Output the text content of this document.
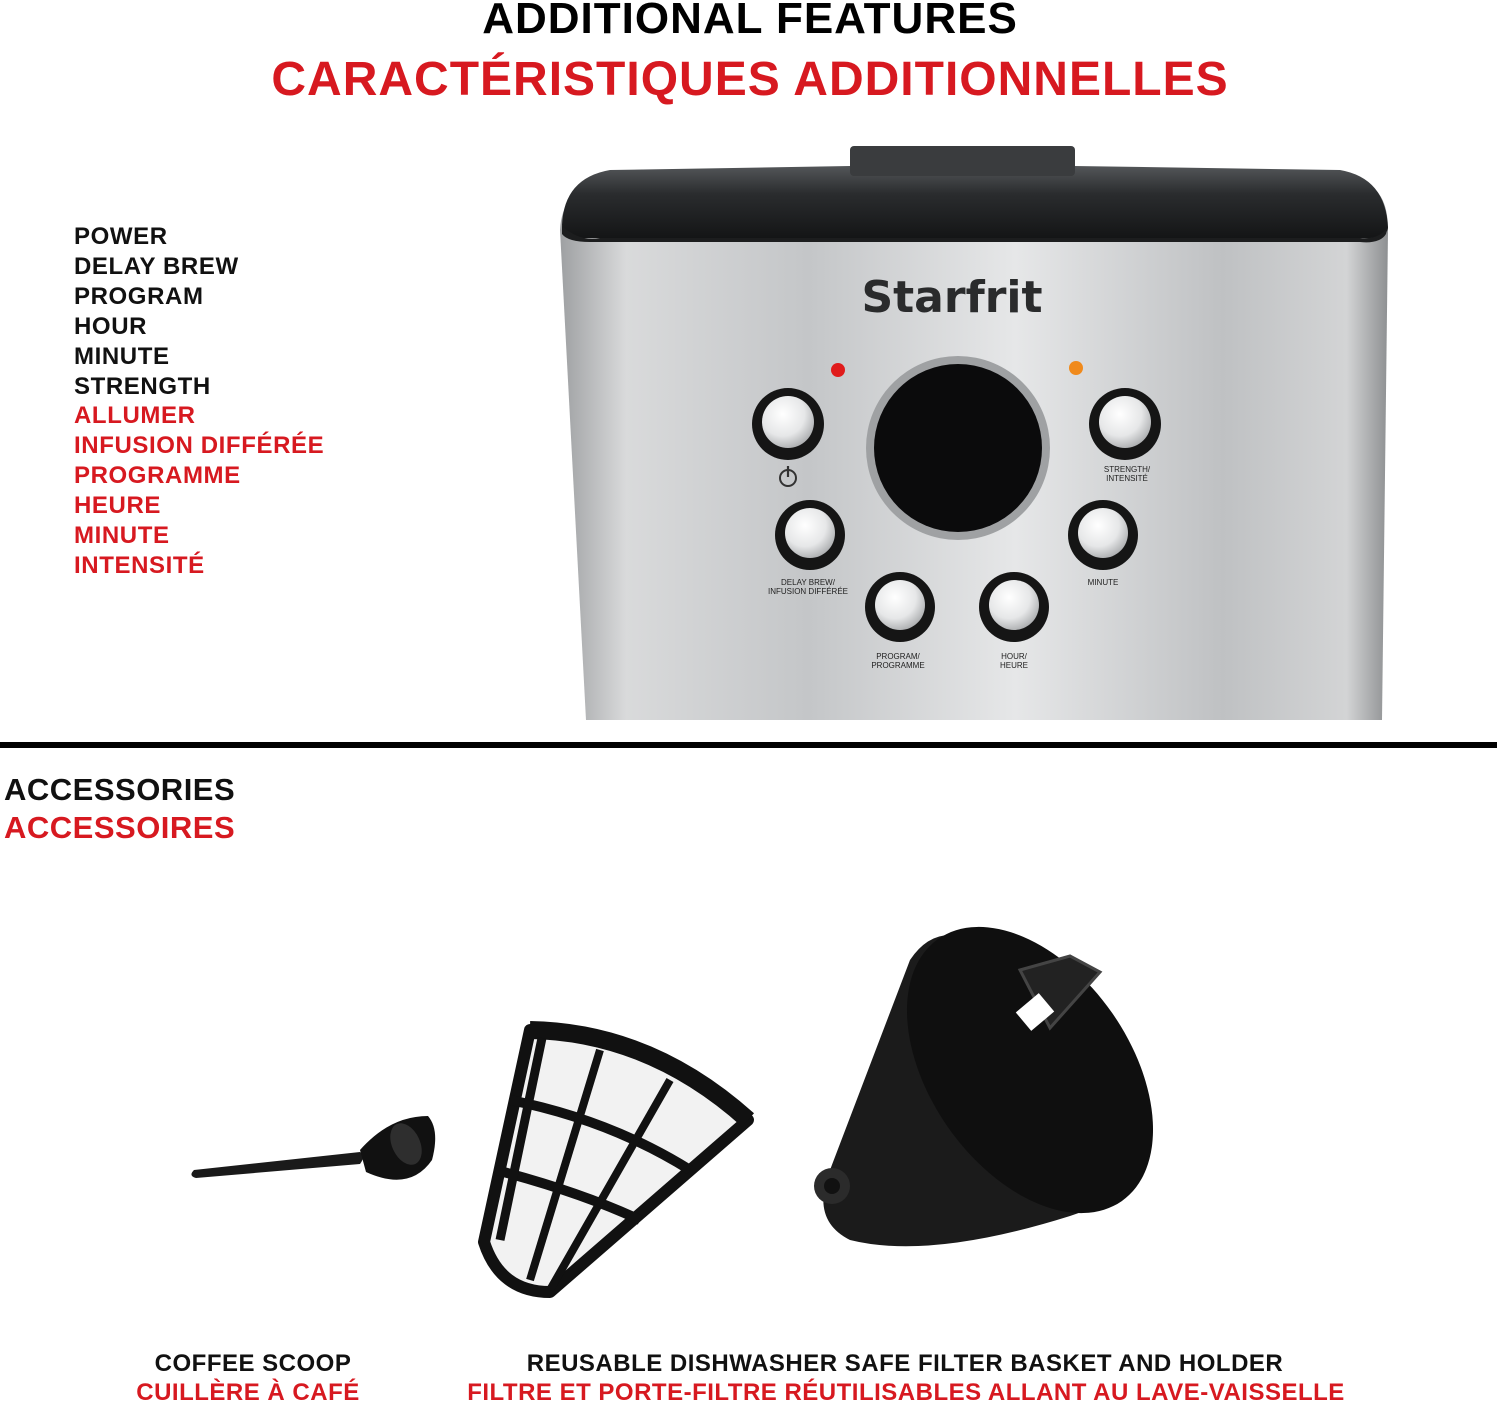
ADDITIONAL FEATURES
CARACTÉRISTIQUES ADDITIONNELLES
POWER
DELAY BREW
PROGRAM
HOUR
MINUTE
STRENGTH
ALLUMER
INFUSION DIFFÉRÉE
PROGRAMME
HEURE
MINUTE
INTENSITÉ
Starfrit
STRENGTH/
INTENSITÉ
DELAY BREW/
INFUSION DIFFÉRÉE
MINUTE
PROGRAM/
PROGRAMME
HOUR/
HEURE
ACCESSORIES
ACCESSOIRES
COFFEE SCOOP
CUILLÈRE À CAFÉ
REUSABLE DISHWASHER SAFE FILTER BASKET AND HOLDER
FILTRE ET PORTE-FILTRE RÉUTILISABLES ALLANT AU LAVE-VAISSELLE
